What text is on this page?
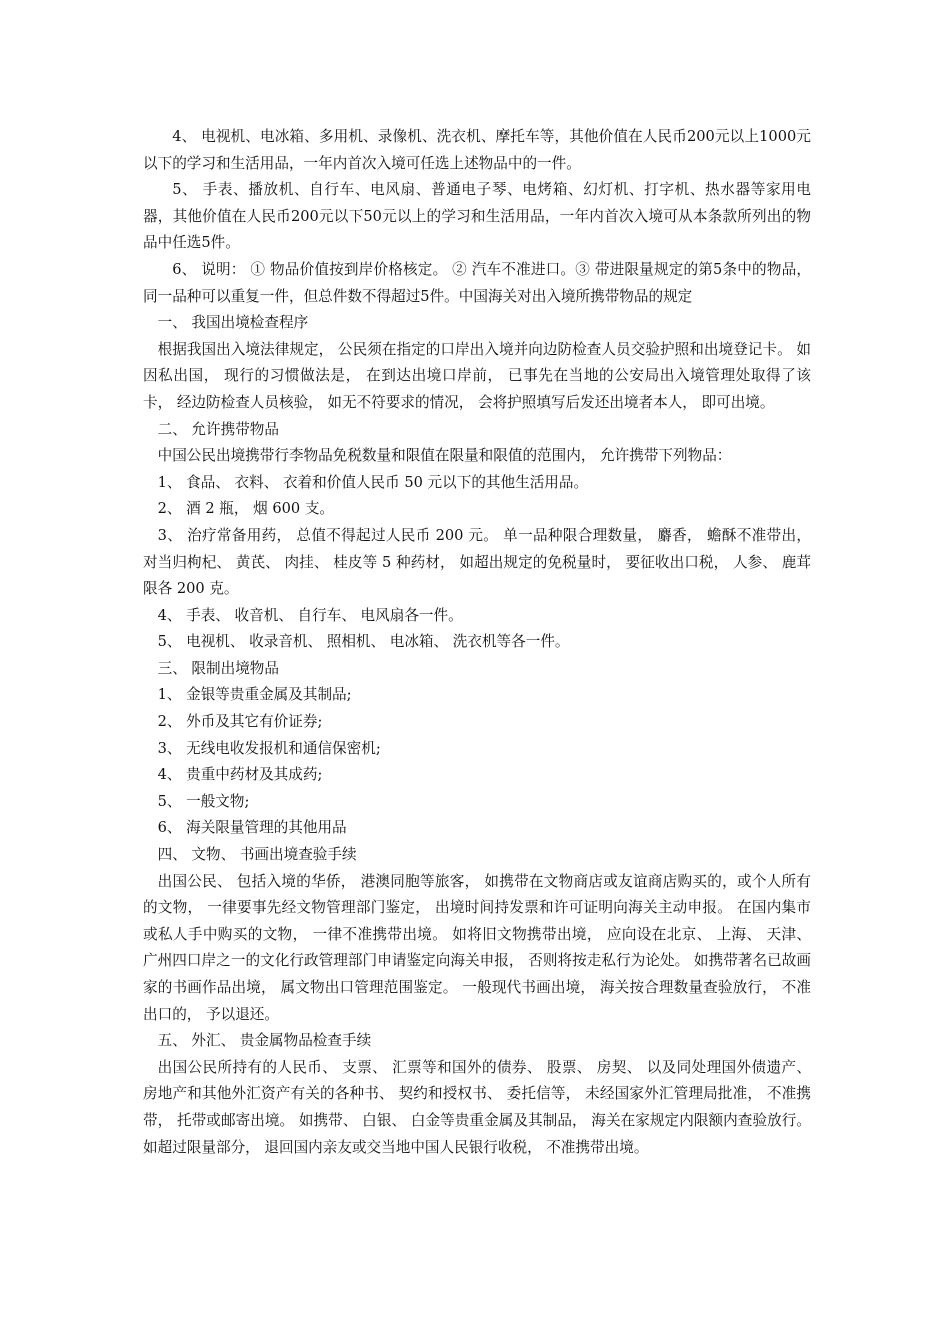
4、 电视机、电冰箱、多用机、录像机、洗衣机、摩托车等，其他价值在人民币200元以上1000元以下的学习和生活用品，一年内首次入境可任选上述物品中的一件。

5、 手表、播放机、自行车、电风扇、普通电子琴、电烤箱、幻灯机、打字机、热水器等家用电器，其他价值在人民币200元以下50元以上的学习和生活用品，一年内首次入境可从本条款所列出的物品中任选5件。

6、 说明： ① 物品价值按到岸价格核定。 ② 汽车不准进口。③ 带进限量规定的第5条中的物品，同一品种可以重复一件，但总件数不得超过5件。中国海关对出入境所携带物品的规定

一、 我国出境检查程序

根据我国出入境法律规定， 公民须在指定的口岸出入境并向边防检查人员交验护照和出境登记卡。 如因私出国， 现行的习惯做法是， 在到达出境口岸前， 已事先在当地的公安局出入境管理处取得了该卡， 经边防检查人员核验， 如无不符要求的情况， 会将护照填写后发还出境者本人， 即可出境。

二、 允许携带物品

中国公民出境携带行李物品免税数量和限值在限量和限值的范围内， 允许携带下列物品：

1、 食品、 衣料、 衣着和价值人民币 50 元以下的其他生活用品。

2、 酒 2 瓶， 烟 600 支。

3、 治疗常备用药， 总值不得起过人民币 200 元。 单一品种限合理数量， 麝香， 蟾酥不准带出， 对当归枸杞、 黄芪、 肉挂、 桂皮等 5 种药材， 如超出规定的免税量时， 要征收出口税， 人参、 鹿茸限各 200 克。

4、 手表、 收音机、 自行车、 电风扇各一件。

5、 电视机、 收录音机、 照相机、 电冰箱、 洗衣机等各一件。

三、 限制出境物品

1、 金银等贵重金属及其制品;

2、 外币及其它有价证券;

3、 无线电收发报机和通信保密机;

4、 贵重中药材及其成药;

5、 一般文物;

6、 海关限量管理的其他用品

四、 文物、 书画出境查验手续

出国公民、 包括入境的华侨， 港澳同胞等旅客， 如携带在文物商店或友谊商店购买的，或个人所有的文物， 一律要事先经文物管理部门鉴定， 出境时间持发票和许可证明向海关主动申报。 在国内集市或私人手中购买的文物， 一律不准携带出境。 如将旧文物携带出境， 应向设在北京、 上海、 天津、 广州四口岸之一的文化行政管理部门申请鉴定向海关申报， 否则将按走私行为论处。 如携带著名已故画家的书画作品出境， 属文物出口管理范围鉴定。 一般现代书画出境， 海关按合理数量查验放行， 不准出口的， 予以退还。

五、 外汇、 贵金属物品检查手续

出国公民所持有的人民币、 支票、 汇票等和国外的债券、 股票、 房契、 以及同处理国外债遗产、 房地产和其他外汇资产有关的各种书、 契约和授权书、 委托信等， 未经国家外汇管理局批准， 不准携带， 托带或邮寄出境。 如携带、 白银、 白金等贵重金属及其制品， 海关在家规定内限额内查验放行。 如超过限量部分， 退回国内亲友或交当地中国人民银行收税， 不准携带出境。
